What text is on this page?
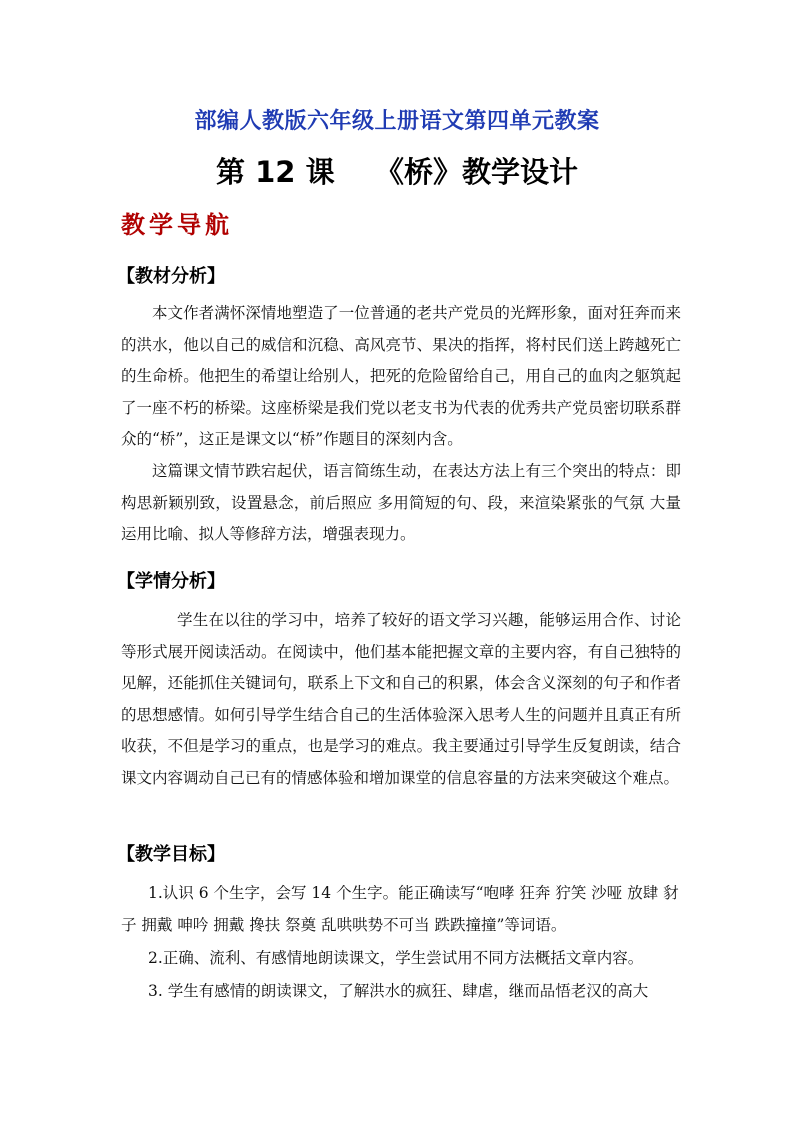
部编人教版六年级上册语文第四单元教案
第 12 课    《桥》教学设计
教学导航
【教材分析】

本文作者满怀深情地塑造了一位普通的老共产党员的光辉形象，面对狂奔而来的洪水，他以自己的威信和沉稳、高风亮节、果决的指挥，将村民们送上跨越死亡的生命桥。他把生的希望让给别人，把死的危险留给自己，用自己的血肉之躯筑起了一座不朽的桥梁。这座桥梁是我们党以老支书为代表的优秀共产党员密切联系群众的“桥”，这正是课文以“桥”作题目的深刻内含。

这篇课文情节跌宕起伏，语言简练生动，在表达方法上有三个突出的特点：即构思新颖别致，设置悬念，前后照应 多用简短的句、段，来渲染紧张的气氛 大量运用比喻、拟人等修辞方法，增强表现力。

【学情分析】

学生在以往的学习中，培养了较好的语文学习兴趣，能够运用合作、讨论等形式展开阅读活动。在阅读中，他们基本能把握文章的主要内容，有自己独特的见解，还能抓住关键词句，联系上下文和自己的积累，体会含义深刻的句子和作者的思想感情。如何引导学生结合自己的生活体验深入思考人生的问题并且真正有所收获，不但是学习的重点，也是学习的难点。我主要通过引导学生反复朗读，结合课文内容调动自己已有的情感体验和增加课堂的信息容量的方法来突破这个难点。

【教学目标】

1.认识 6 个生字，会写 14 个生字。能正确读写“咆哮 狂奔 狞笑 沙哑 放肆 豺子 拥戴 呻吟 拥戴 搀扶 祭奠 乱哄哄势不可当 跌跌撞撞”等词语。

2.正确、流利、有感情地朗读课文，学生尝试用不同方法概括文章内容。

3. 学生有感情的朗读课文，了解洪水的疯狂、肆虐，继而品悟老汉的高大
